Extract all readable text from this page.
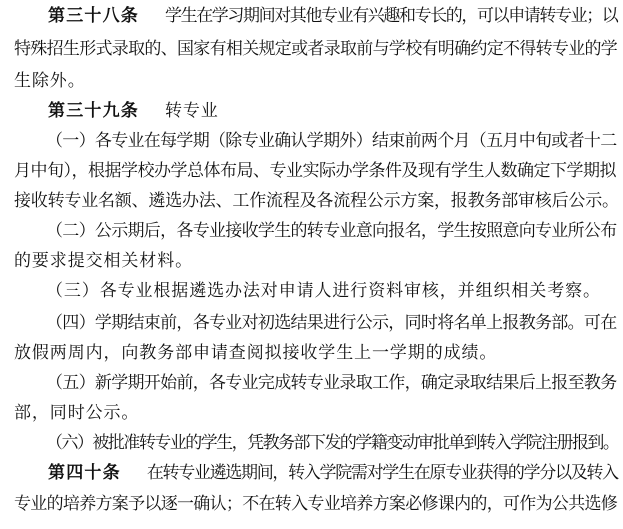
第三十八条 学生在学习期间对其他专业有兴趣和专长的，可以申请转专业；以
特殊招生形式录取的、国家有相关规定或者录取前与学校有明确约定不得转专业的学
生除外。
第三十九条 转专业
（一）各专业在每学期（除专业确认学期外）结束前两个月（五月中旬或者十二
月中旬），根据学校办学总体布局、专业实际办学条件及现有学生人数确定下学期拟
接收转专业名额、遴选办法、工作流程及各流程公示方案，报教务部审核后公示。
（二）公示期后，各专业接收学生的转专业意向报名，学生按照意向专业所公布
的要求提交相关材料。
（三）各专业根据遴选办法对申请人进行资料审核，并组织相关考察。
（四）学期结束前，各专业对初选结果进行公示，同时将名单上报教务部。可在
放假两周内，向教务部申请查阅拟接收学生上一学期的成绩。
（五）新学期开始前，各专业完成转专业录取工作，确定录取结果后上报至教务
部，同时公示。
（六）被批准转专业的学生，凭教务部下发的学籍变动审批单到转入学院注册报到。
第四十条 在转专业遴选期间，转入学院需对学生在原专业获得的学分以及转入
专业的培养方案予以逐一确认；不在转入专业培养方案必修课内的，可作为公共选修
